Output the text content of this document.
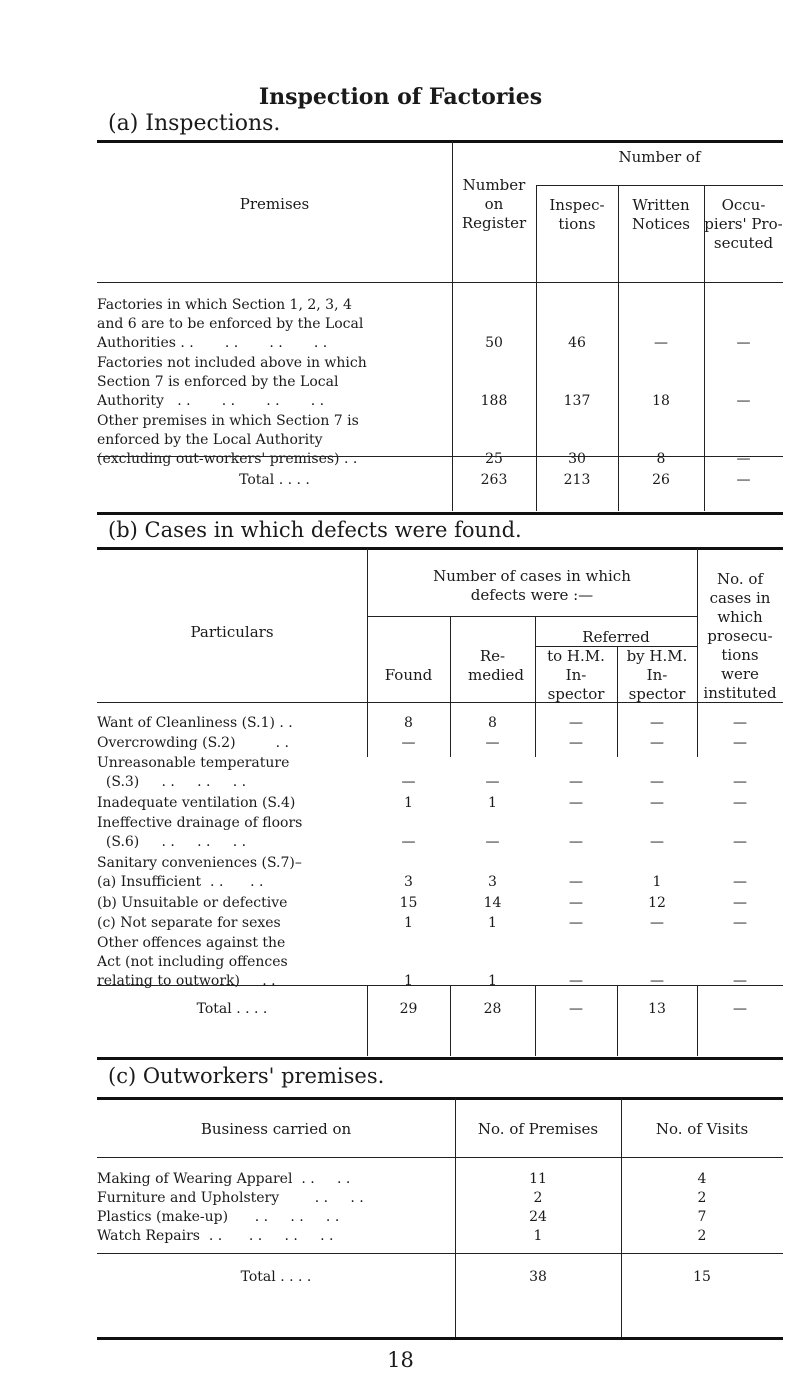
Inspection of Factories
(a) Inspections.
Premises
Number on Register
Number of
Inspec- tions
Written Notices
Occu- piers' Pro- secuted
Factories in which Section 1, 2, 3, 4
and 6 are to be enforced by the Local
Authorities . .       . .       . .       . .	50	46	—	—
Factories not included above in which
Section 7 is enforced by the Local
Authority   . .       . .       . .       . .	188	137	18	—
Other premises in which Section 7 is
enforced by the Local Authority
(excluding out-workers' premises) . .	25	30	8	—
Total . . . .	263	213	26	—
(b) Cases in which defects were found.
Particulars
Number of cases in which defects were :—
No. of cases in which prosecu- tions were instituted
Found
Re- medied
Referred
to H.M. In- spector
by H.M. In- spector
Want of Cleanliness (S.1) . .	8	8	—	—	—
Overcrowding (S.2)         . .	—	—	—	—	—
Unreasonable temperature
(S.3)     . .     . .     . .	—	—	—	—	—
Inadequate ventilation (S.4)	1	1	—	—	—
Ineffective drainage of floors
(S.6)     . .     . .     . .	—	—	—	—	—
Sanitary conveniences (S.7)–
(a) Insufficient  . .      . .	3	3	—	1	—
(b) Unsuitable or defective	15	14	—	12	—
(c) Not separate for sexes	1	1	—	—	—
Other offences against the
Act (not including offences
relating to outwork)     . .	1	1	—	—	—
Total . . . .	29	28	—	13	—
(c) Outworkers' premises.
Business carried on	No. of Premises	No. of Visits
Making of Wearing Apparel  . .     . .	11	4
Furniture and Upholstery        . .     . .	2	2
Plastics (make-up)      . .     . .     . .	24	7
Watch Repairs  . .      . .     . .     . .	1	2
Total . . . .	38	15
18
